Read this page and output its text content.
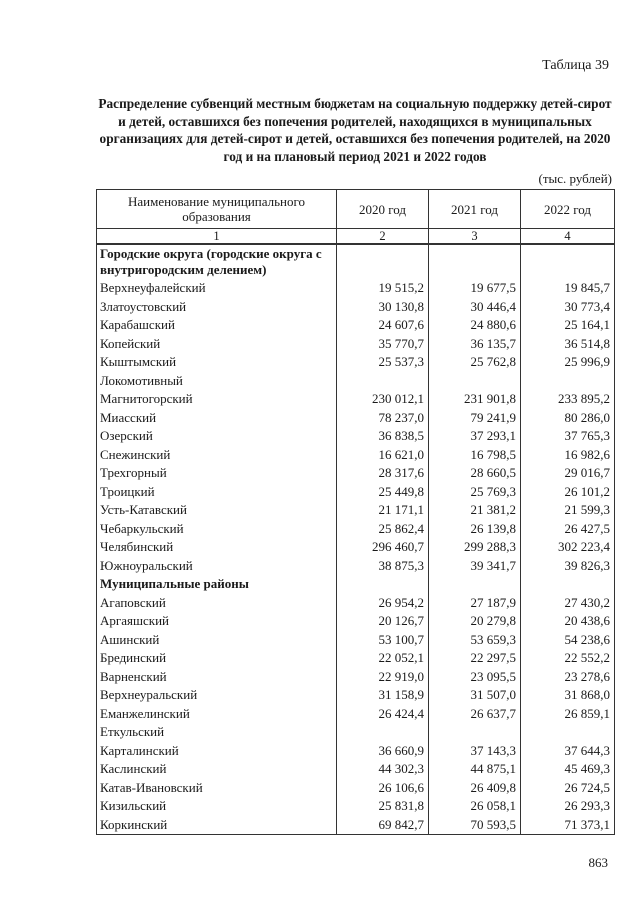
Таблица 39
Распределение субвенций местным бюджетам на социальную поддержку детей-сирот и детей, оставшихся без попечения родителей, находящихся в муниципальных организациях для детей-сирот и детей, оставшихся без попечения родителей, на 2020 год и на плановый период 2021 и 2022 годов
(тыс. рублей)
Наименование муниципального образования	2020 год	2021 год	2022 год
1	2	3	4
Городские округа (городские округа с внутригородским делением)			
Верхнеуфалейский	19 515,2	19 677,5	19 845,7
Златоустовский	30 130,8	30 446,4	30 773,4
Карабашский	24 607,6	24 880,6	25 164,1
Копейский	35 770,7	36 135,7	36 514,8
Кыштымский	25 537,3	25 762,8	25 996,9
Локомотивный			
Магнитогорский	230 012,1	231 901,8	233 895,2
Миасский	78 237,0	79 241,9	80 286,0
Озерский	36 838,5	37 293,1	37 765,3
Снежинский	16 621,0	16 798,5	16 982,6
Трехгорный	28 317,6	28 660,5	29 016,7
Троицкий	25 449,8	25 769,3	26 101,2
Усть-Катавский	21 171,1	21 381,2	21 599,3
Чебаркульский	25 862,4	26 139,8	26 427,5
Челябинский	296 460,7	299 288,3	302 223,4
Южноуральский	38 875,3	39 341,7	39 826,3
Муниципальные районы			
Агаповский	26 954,2	27 187,9	27 430,2
Аргаяшский	20 126,7	20 279,8	20 438,6
Ашинский	53 100,7	53 659,3	54 238,6
Брединский	22 052,1	22 297,5	22 552,2
Варненский	22 919,0	23 095,5	23 278,6
Верхнеуральский	31 158,9	31 507,0	31 868,0
Еманжелинский	26 424,4	26 637,7	26 859,1
Еткульский			
Карталинский	36 660,9	37 143,3	37 644,3
Каслинский	44 302,3	44 875,1	45 469,3
Катав-Ивановский	26 106,6	26 409,8	26 724,5
Кизильский	25 831,8	26 058,1	26 293,3
Коркинский	69 842,7	70 593,5	71 373,1
863
